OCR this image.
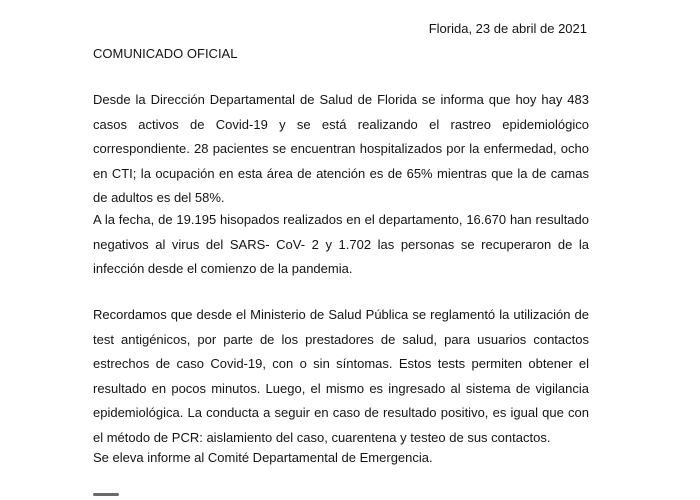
Florida, 23 de abril de 2021
COMUNICADO OFICIAL

Desde la Dirección Departamental de Salud de Florida se informa que hoy hay 483 casos activos de Covid-19 y se está realizando el rastreo epidemiológico correspondiente. 28 pacientes se encuentran hospitalizados por la enfermedad, ocho en CTI; la ocupación en esta área de atención es de 65% mientras que la de camas de adultos es del 58%.

A la fecha, de 19.195 hisopados realizados en el departamento, 16.670 han resultado negativos al virus del SARS- CoV- 2 y 1.702 las personas se recuperaron de la infección desde el comienzo de la pandemia.

Recordamos que desde el Ministerio de Salud Pública se reglamentó la utilización de test antigénicos, por parte de los prestadores de salud, para usuarios contactos estrechos de caso Covid-19, con o sin síntomas. Estos tests permiten obtener el resultado en pocos minutos. Luego, el mismo es ingresado al sistema de vigilancia epidemiológica. La conducta a seguir en caso de resultado positivo, es igual que con el método de PCR: aislamiento del caso, cuarentena y testeo de sus contactos.

Se eleva informe al Comité Departamental de Emergencia.
